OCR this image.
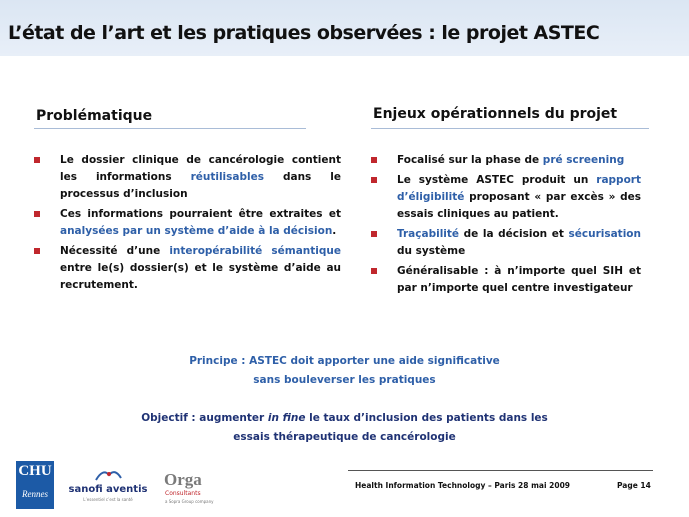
L’état de l’art et les pratiques observées : le projet ASTEC
Problématique
Le dossier clinique de cancérologie contient les informations réutilisables dans le processus d’inclusion
Ces informations pourraient être extraites et analysées par un système d’aide à la décision.
Nécessité d’une interopérabilité sémantique entre le(s) dossier(s) et le système d’aide au recrutement.
Enjeux opérationnels du projet
Focalisé sur la phase de pré screening
Le système ASTEC produit un rapport d’éligibilité proposant « par excès » des essais cliniques au patient.
Traçabilité de la décision et sécurisation du système
Généralisable : à n’importe quel SIH et par n’importe quel centre investigateur
Principe : ASTEC doit apporter une aide significative
sans bouleverser les pratiques
Objectif : augmenter in fine le taux d’inclusion des patients dans les
essais thérapeutique de cancérologie
CHU
Rennes	sanofi aventis
L’essentiel c’est la santé
Orga
Consultants
a Sopra Group company
Health Information Technology – Paris 28 mai 2009	Page 14
